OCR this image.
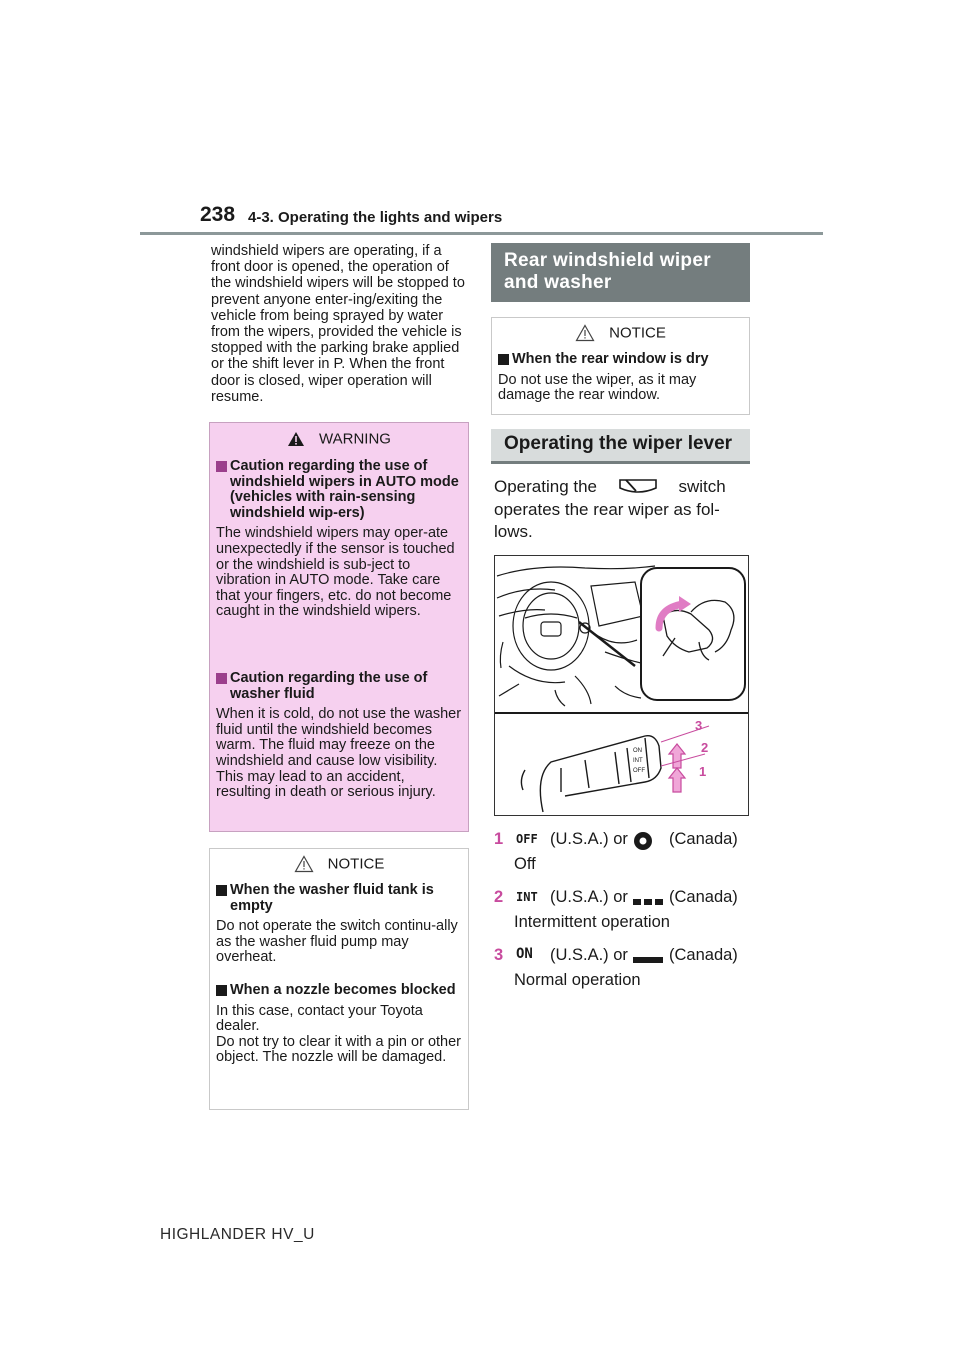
238 4-3. Operating the lights and wipers
windshield wipers are operating, if a front door is opened, the operation of the windshield wipers will be stopped to prevent anyone enter-ing/exiting the vehicle from being sprayed by water from the wipers, provided the vehicle is stopped with the parking brake applied or the shift lever in P. When the front door is closed, wiper operation will resume.
WARNING
Caution regarding the use of windshield wipers in AUTO mode (vehicles with rain-sensing windshield wip-ers)
The windshield wipers may oper-ate unexpectedly if the sensor is touched or the windshield is sub-ject to vibration in AUTO mode. Take care that your fingers, etc. do not become caught in the windshield wipers.
Caution regarding the use of washer fluid
When it is cold, do not use the washer fluid until the windshield becomes warm. The fluid may freeze on the windshield and cause low visibility. This may lead to an accident, resulting in death or serious injury.
NOTICE
When the washer fluid tank is empty
Do not operate the switch continu-ally as the washer fluid pump may overheat.
When a nozzle becomes blocked
In this case, contact your Toyota dealer.
Do not try to clear it with a pin or other object. The nozzle will be damaged.
Rear windshield wiper and washer
NOTICE
When the rear window is dry
Do not use the wiper, as it may damage the rear window.
Operating the wiper lever
Operating the	switch operates the rear wiper as fol-lows.
ON
INT
OFF
3
2
1
1 OFF (U.S.A.) or (Canada)
Off
2 INT (U.S.A.) or (Canada)
Intermittent operation
3 ON (U.S.A.) or (Canada)
Normal operation
HIGHLANDER HV_U
